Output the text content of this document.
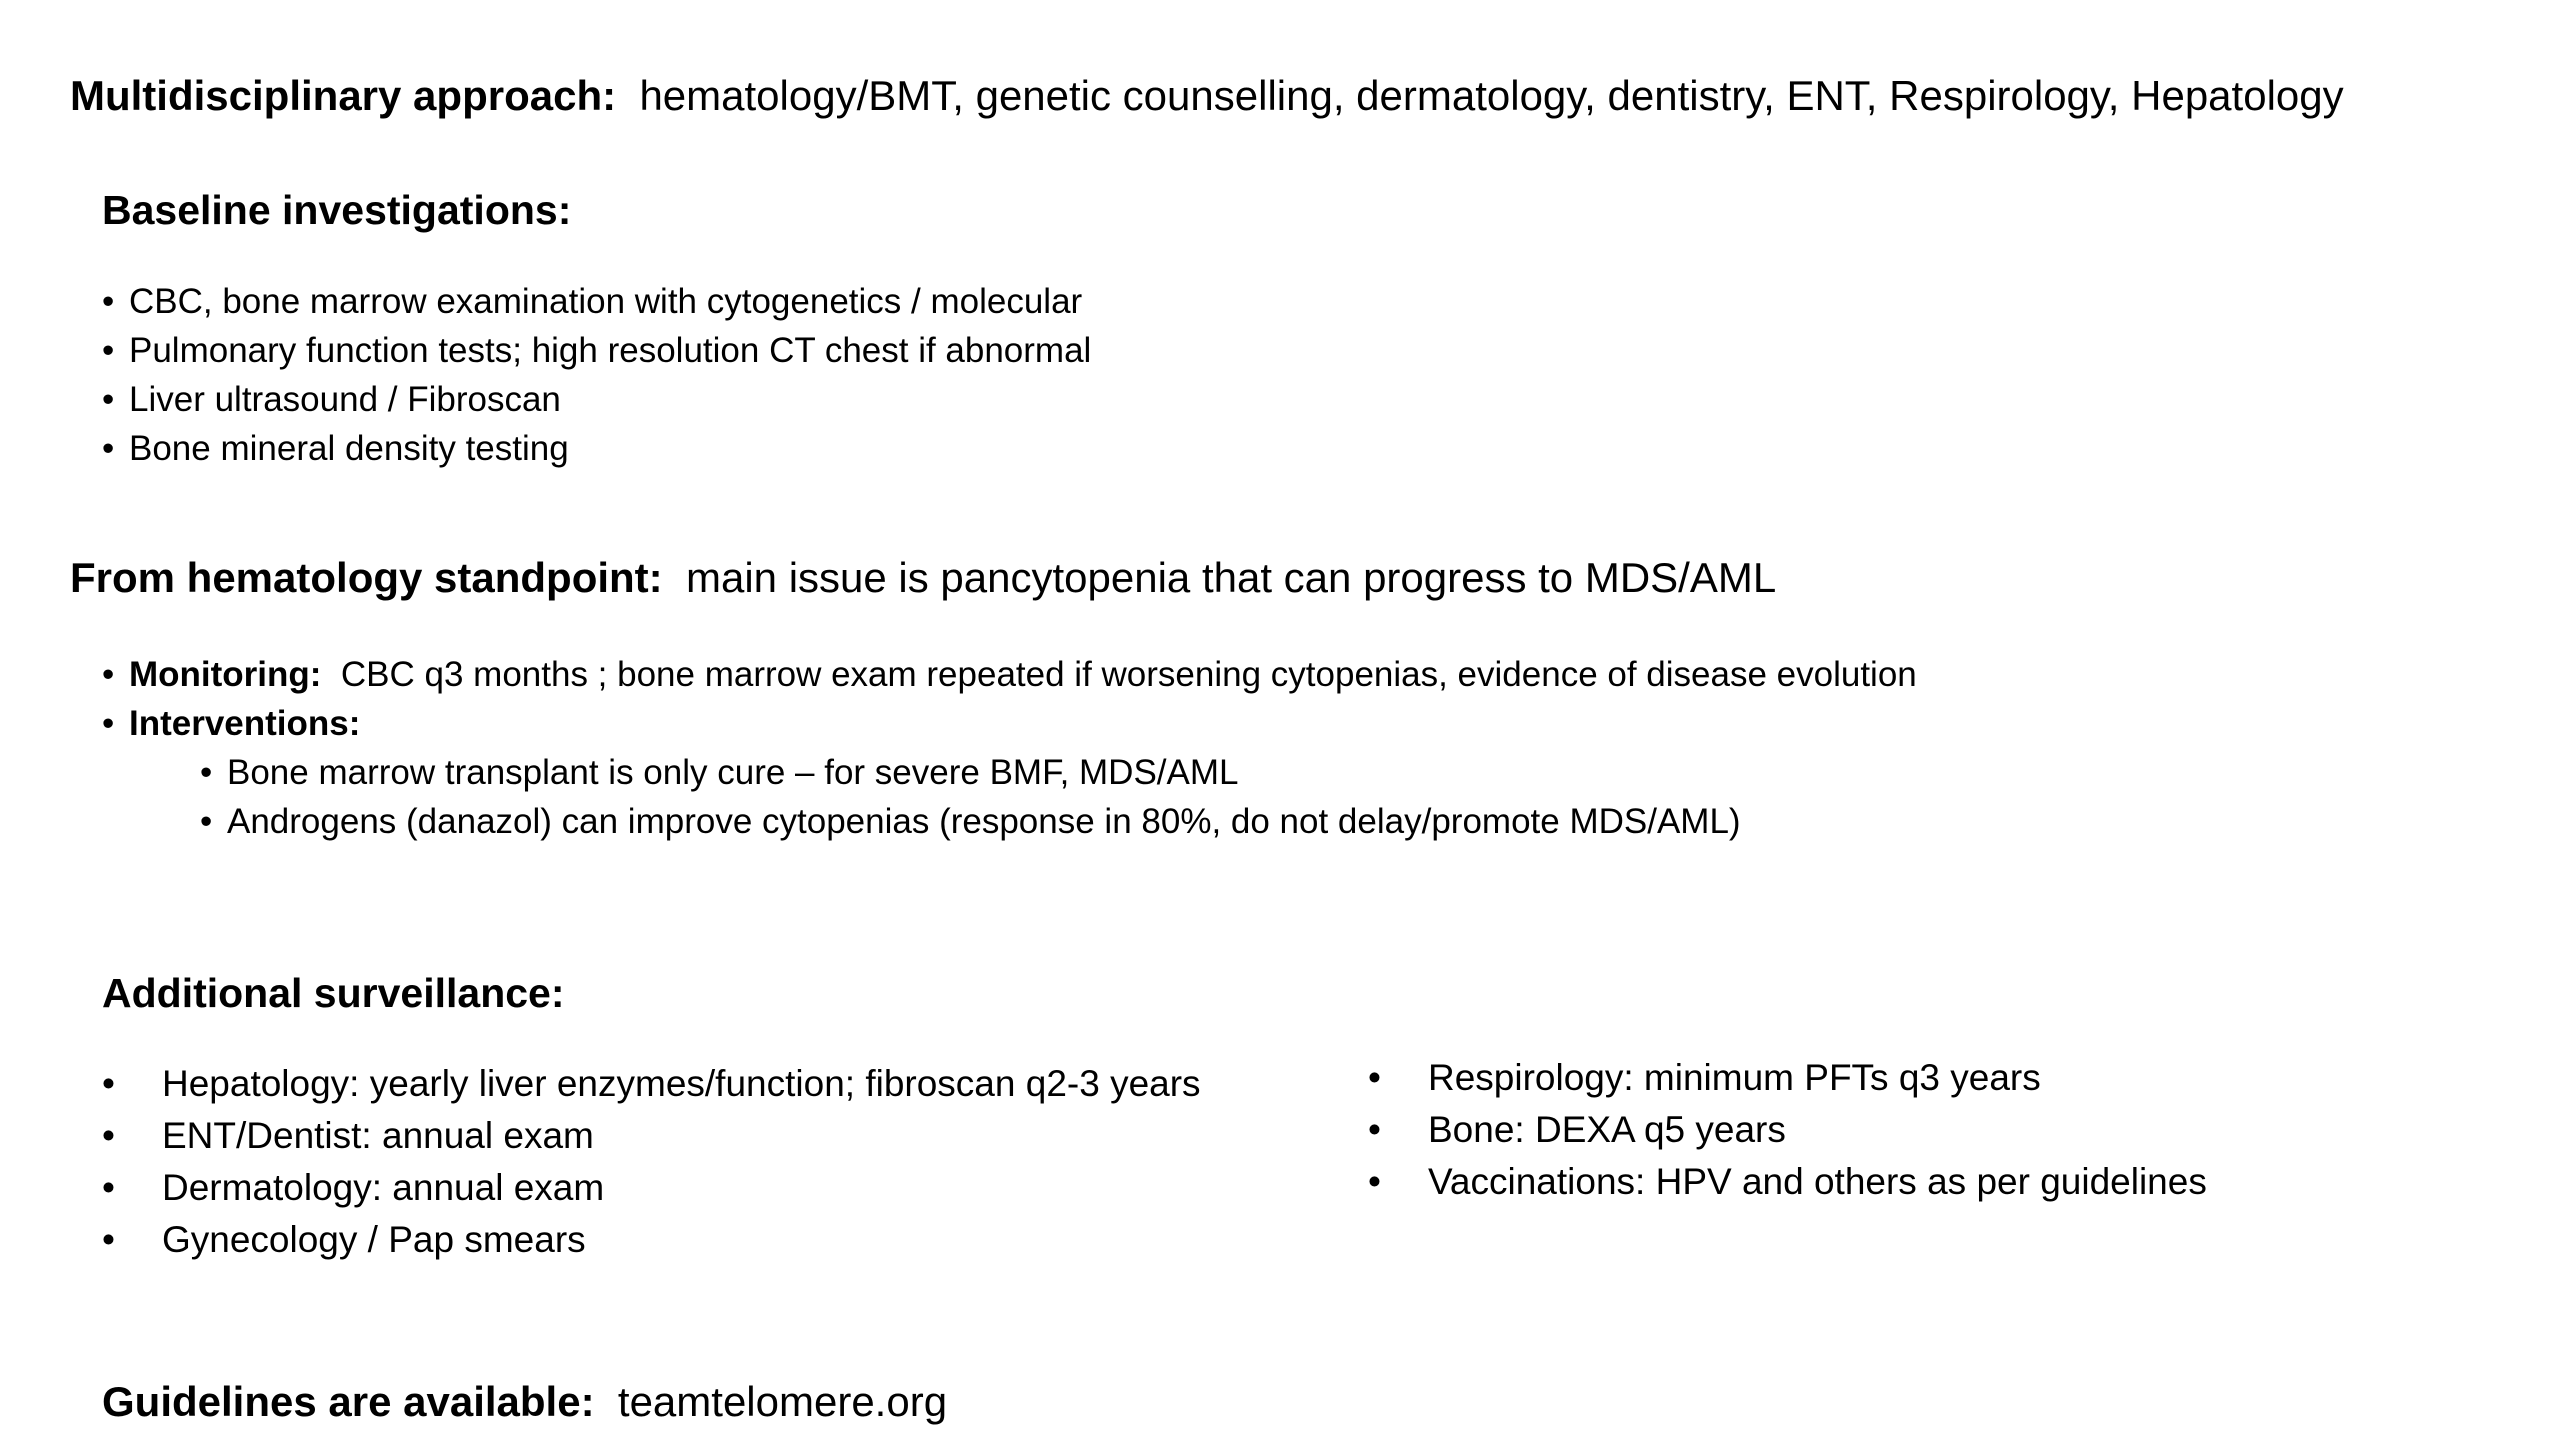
Multidisciplinary approach: hematology/BMT, genetic counselling, dermatology, dentistry, ENT, Respirology, Hepatology
Baseline investigations:
• CBC, bone marrow examination with cytogenetics / molecular
• Pulmonary function tests; high resolution CT chest if abnormal
• Liver ultrasound / Fibroscan
• Bone mineral density testing
From hematology standpoint: main issue is pancytopenia that can progress to MDS/AML
• Monitoring: CBC q3 months ; bone marrow exam repeated if worsening cytopenias, evidence of disease evolution
• Interventions:
• Bone marrow transplant is only cure – for severe BMF, MDS/AML
• Androgens (danazol) can improve cytopenias (response in 80%, do not delay/promote MDS/AML)
Additional surveillance:
• Hepatology: yearly liver enzymes/function; fibroscan q2-3 years
• ENT/Dentist: annual exam
• Dermatology: annual exam
• Gynecology / Pap smears
• Respirology: minimum PFTs q3 years
• Bone: DEXA q5 years
• Vaccinations: HPV and others as per guidelines
Guidelines are available: teamtelomere.org
